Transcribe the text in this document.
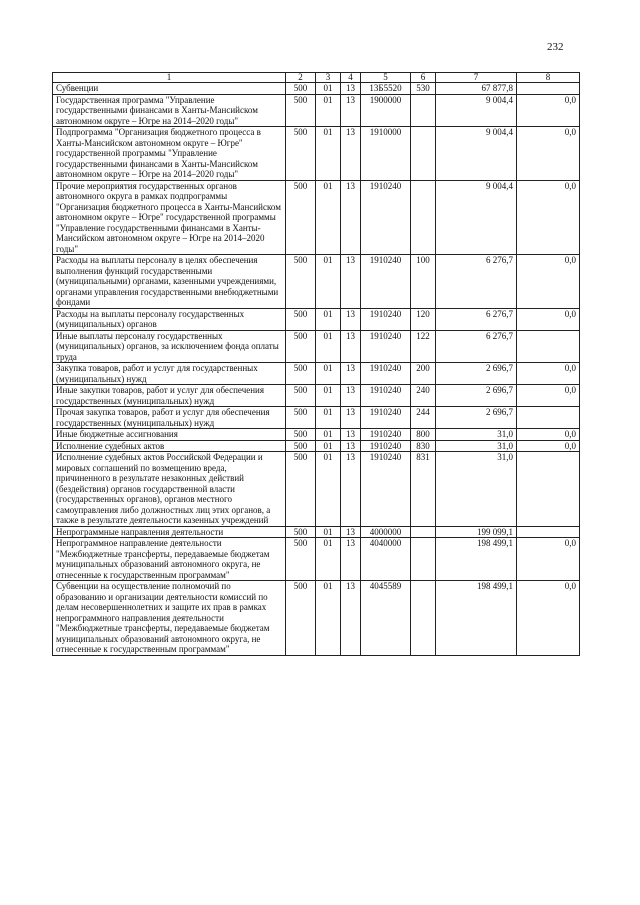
232
1	2	3	4	5	6	7	8
Субвенции	500	01	13	13Б5520	530	67 877,8	
Государственная программа "Управление государственными финансами в Ханты-Мансийском автономном округе – Югре на 2014–2020 годы"	500	01	13	1900000		9 004,4	0,0
Подпрограмма "Организация бюджетного процесса в Ханты-Мансийском автономном округе – Югре" государственной программы "Управление государственными финансами в Ханты-Мансийском автономном округе – Югре на 2014–2020 годы"	500	01	13	1910000		9 004,4	0,0
Прочие мероприятия государственных органов автономного округа в рамках подпрограммы "Организация бюджетного процесса в Ханты-Мансийском автономном округе – Югре" государственной программы "Управление государственными финансами в Ханты-Мансийском автономном округе – Югре на 2014–2020 годы"	500	01	13	1910240		9 004,4	0,0
Расходы на выплаты персоналу в целях обеспечения выполнения функций государственными (муниципальными) органами, казенными учреждениями, органами управления государственными внебюджетными фондами	500	01	13	1910240	100	6 276,7	0,0
Расходы на выплаты персоналу государственных (муниципальных) органов	500	01	13	1910240	120	6 276,7	0,0
Иные выплаты персоналу государственных (муниципальных) органов, за исключением фонда оплаты труда	500	01	13	1910240	122	6 276,7	
Закупка товаров, работ и услуг для государственных (муниципальных) нужд	500	01	13	1910240	200	2 696,7	0,0
Иные закупки товаров, работ и услуг для обеспечения государственных (муниципальных) нужд	500	01	13	1910240	240	2 696,7	0,0
Прочая закупка товаров, работ и услуг для обеспечения государственных (муниципальных) нужд	500	01	13	1910240	244	2 696,7	
Иные бюджетные ассигнования	500	01	13	1910240	800	31,0	0,0
Исполнение судебных актов	500	01	13	1910240	830	31,0	0,0
Исполнение судебных актов Российской Федерации и мировых соглашений по возмещению вреда, причиненного в результате незаконных действий (бездействия) органов государственной власти (государственных органов), органов местного самоуправления либо должностных лиц этих органов, а также в результате деятельности казенных учреждений	500	01	13	1910240	831	31,0	
Непрограммные направления деятельности	500	01	13	4000000		199 099,1	
Непрограммное направление деятельности "Межбюджетные трансферты, передаваемые бюджетам муниципальных образований автономного округа, не отнесенные к государственным программам"	500	01	13	4040000		198 499,1	0,0
Субвенции на осуществление полномочий по образованию и организации деятельности комиссий по делам несовершеннолетних и защите их прав в рамках непрограммного направления деятельности "Межбюджетные трансферты, передаваемые бюджетам муниципальных образований автономного округа, не отнесенные к государственным программам"	500	01	13	4045589		198 499,1	0,0
